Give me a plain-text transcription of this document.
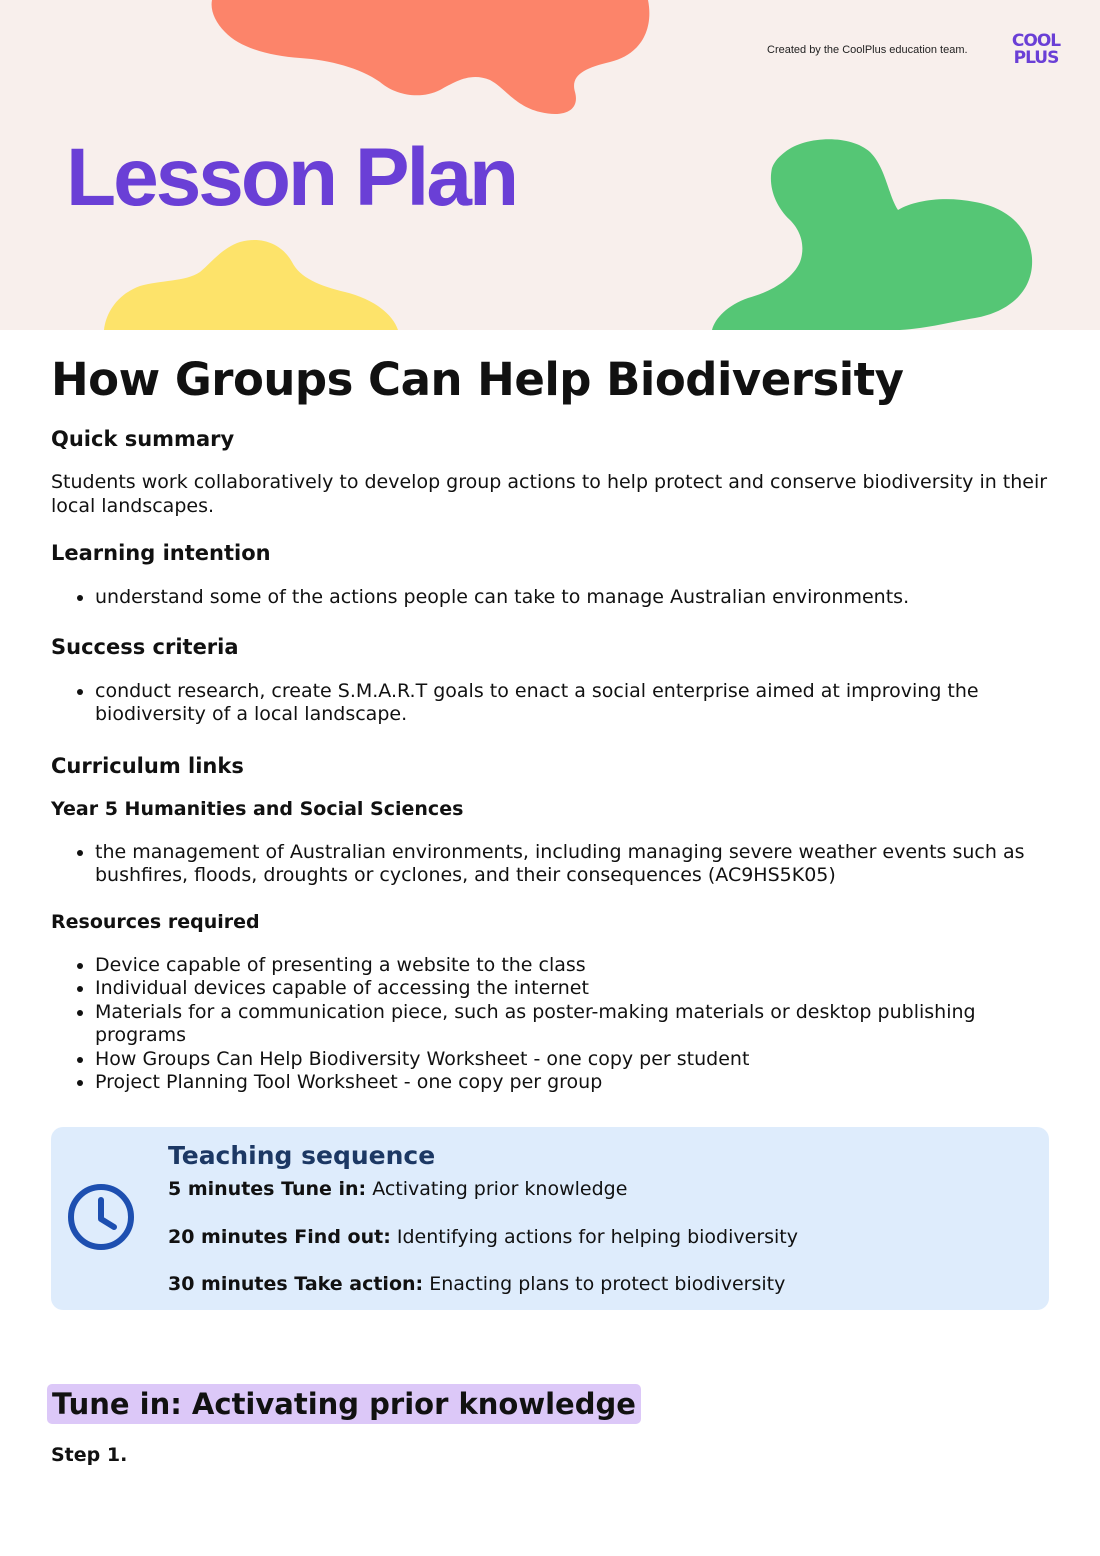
Created by the CoolPlus education team.	COOL
PLUS
Lesson Plan
How Groups Can Help Biodiversity
Quick summary

Students work collaboratively to develop group actions to help protect and conserve biodiversity in their local landscapes.

Learning intention
• understand some of the actions people can take to manage Australian environments.
Success criteria
• conduct research, create S.M.A.R.T goals to enact a social enterprise aimed at improving the biodiversity of a local landscape.
Curriculum links
Year 5 Humanities and Social Sciences
• the management of Australian environments, including managing severe weather events such as bushfires, floods, droughts or cyclones, and their consequences (AC9HS5K05)
Resources required
• Device capable of presenting a website to the class
• Individual devices capable of accessing the internet
• Materials for a communication piece, such as poster-making materials or desktop publishing programs
• How Groups Can Help Biodiversity Worksheet - one copy per student
• Project Planning Tool Worksheet - one copy per group
Teaching sequence
5 minutes Tune in: Activating prior knowledge
20 minutes Find out: Identifying actions for helping biodiversity
30 minutes Take action: Enacting plans to protect biodiversity
Tune in: Activating prior knowledge

Step 1.
